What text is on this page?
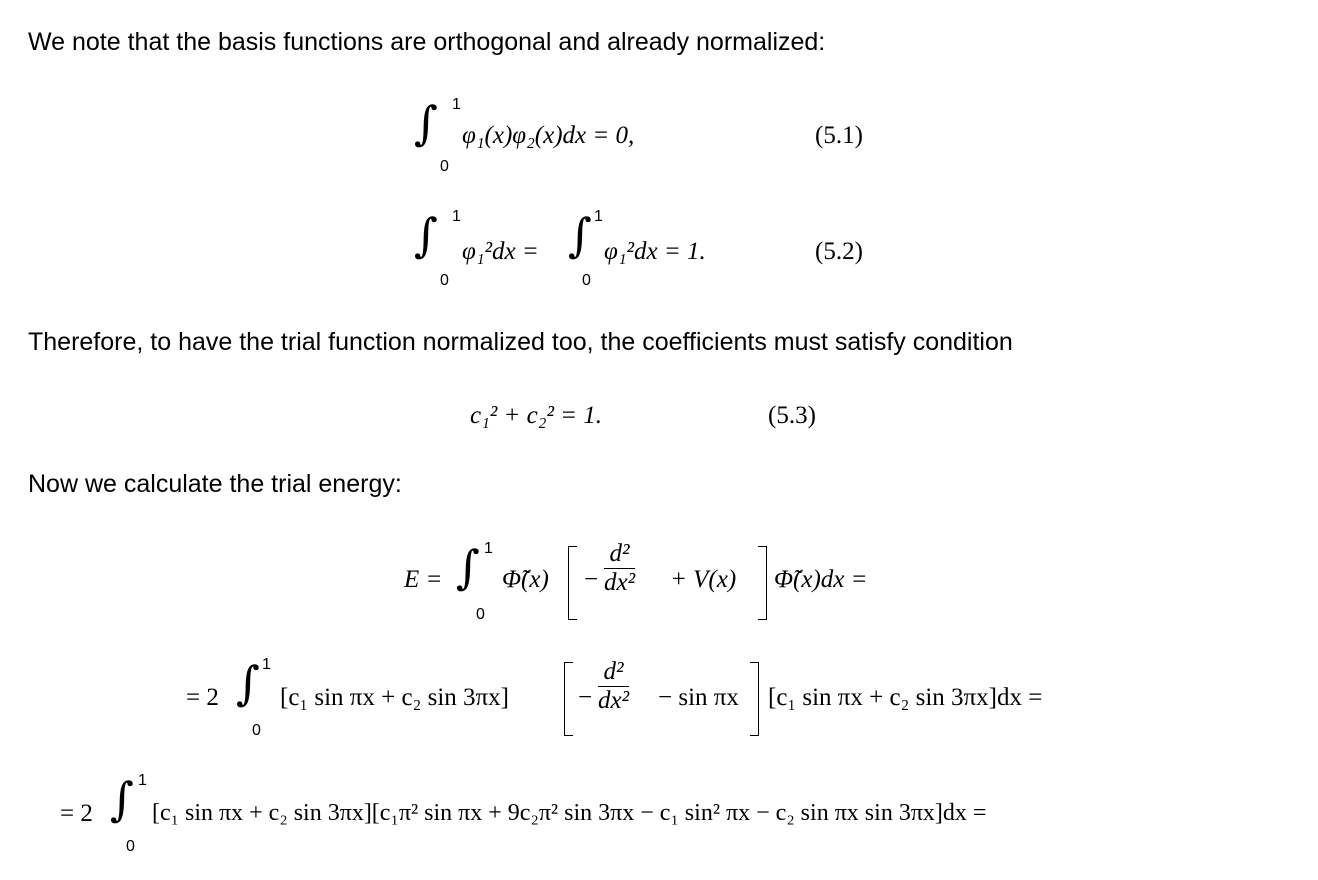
We note that the basis functions are orthogonal and already normalized:
∫ 1
0
φ₁(x)φ₂(x)dx = 0,	(5.1)
∫ 1
0
φ₁²dx = ∫ 1
0
φ₁²dx = 1.	(5.2)
Therefore, to have the trial function normalized too, the coefficients must satisfy condition
c₁² + c₂² = 1.	(5.3)
Now we calculate the trial energy:
E = ∫ 1
0
Φ̃(x) − $\frac{\text{d²}}{\text{dx²}} + V(x)$ Φ̃(x)dx =
= 2 ∫ 1
0
[c₁ sin πx + c₂ sin 3πx]	− $\frac{\text{d²}}{\text{dx²}} - \sin \pi x$ [c₁ sin πx + c₂ sin 3πx]dx =
= 2 ∫ 1
0
[c₁ sin πx + c₂ sin 3πx][c₁π² sin πx + 9c₂π² sin 3πx − c₁ sin² πx − c₂ sin πx sin 3πx]dx =
